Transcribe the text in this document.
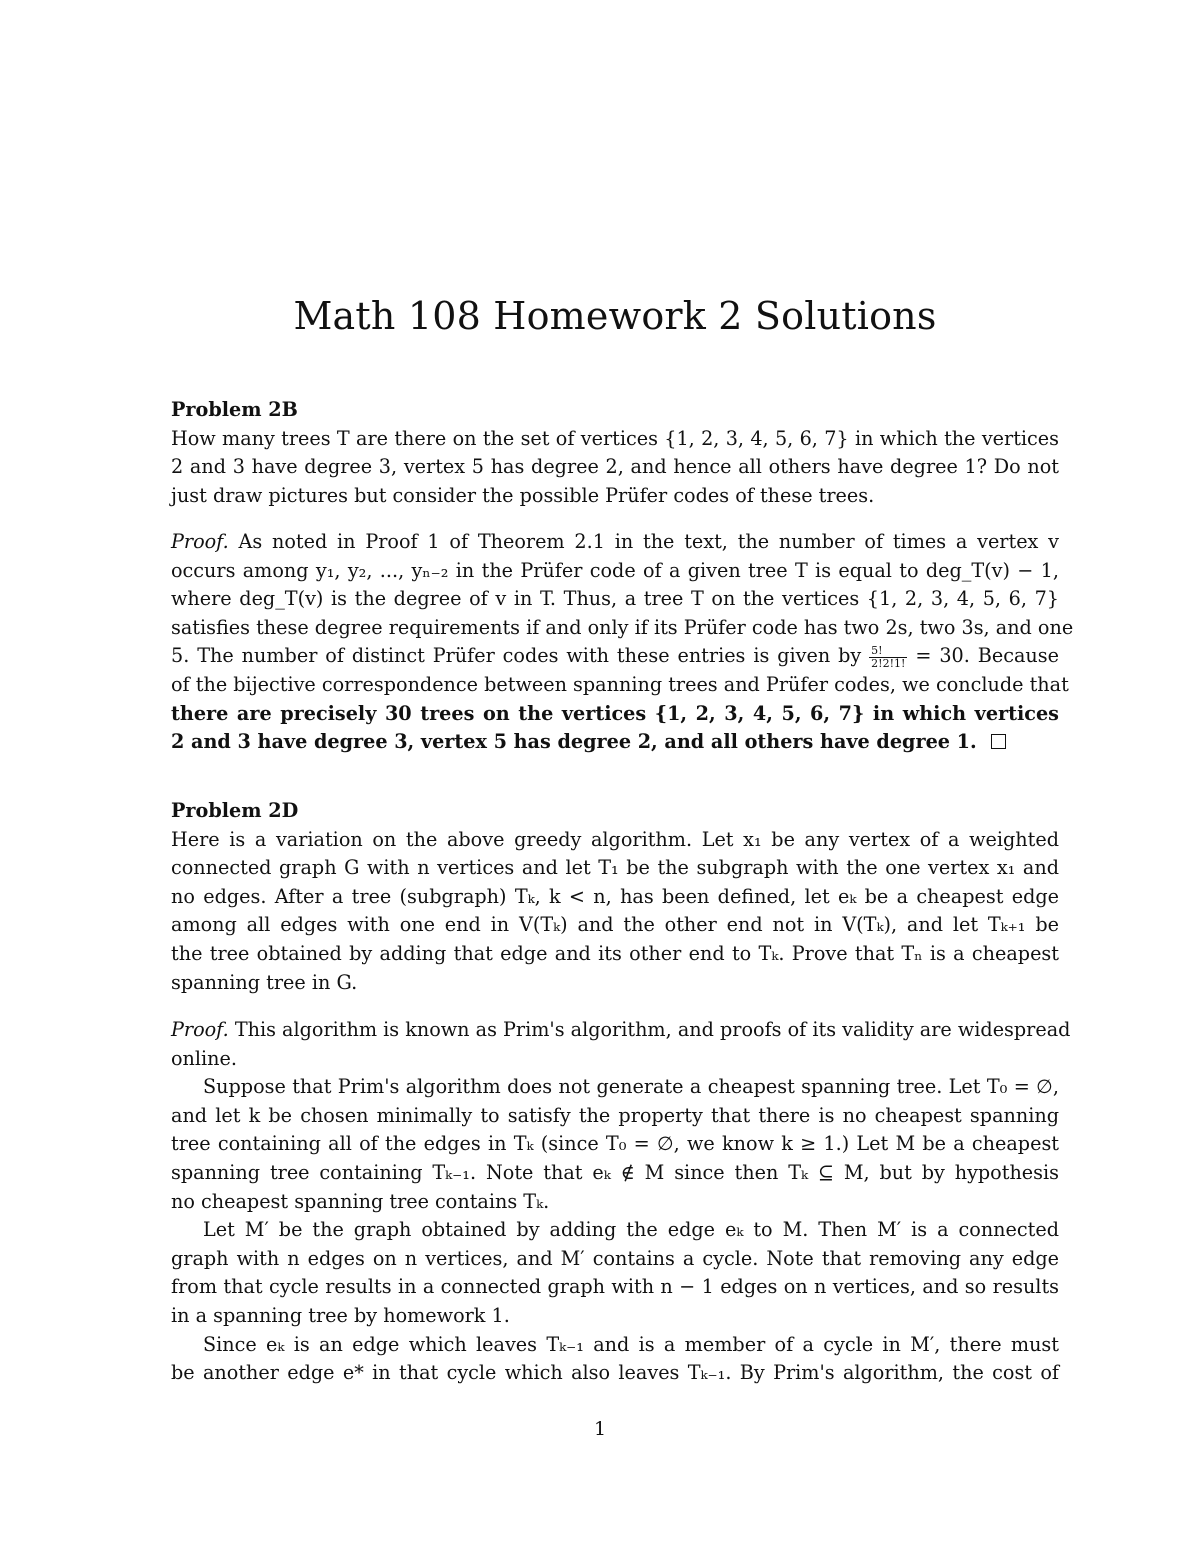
Math 108 Homework 2 Solutions
Problem 2B
How many trees T are there on the set of vertices {1, 2, 3, 4, 5, 6, 7} in which the vertices
2 and 3 have degree 3, vertex 5 has degree 2, and hence all others have degree 1? Do not
just draw pictures but consider the possible Prüfer codes of these trees.
Proof. As noted in Proof 1 of Theorem 2.1 in the text, the number of times a vertex v
occurs among y₁, y₂, ..., yₙ₋₂ in the Prüfer code of a given tree T is equal to deg_T(v) − 1,
where deg_T(v) is the degree of v in T. Thus, a tree T on the vertices {1, 2, 3, 4, 5, 6, 7}
satisfies these degree requirements if and only if its Prüfer code has two 2s, two 3s, and one
5. The number of distinct Prüfer codes with these entries is given by $\frac{5!}{2!2!1!} = 30$. Because
of the bijective correspondence between spanning trees and Prüfer codes, we conclude that
there are precisely 30 trees on the vertices {1, 2, 3, 4, 5, 6, 7} in which vertices
2 and 3 have degree 3, vertex 5 has degree 2, and all others have degree 1.
Problem 2D
Here is a variation on the above greedy algorithm. Let x₁ be any vertex of a weighted
connected graph G with n vertices and let T₁ be the subgraph with the one vertex x₁ and
no edges. After a tree (subgraph) Tₖ, k < n, has been defined, let eₖ be a cheapest edge
among all edges with one end in V(Tₖ) and the other end not in V(Tₖ), and let Tₖ₊₁ be
the tree obtained by adding that edge and its other end to Tₖ. Prove that Tₙ is a cheapest
spanning tree in G.
Proof. This algorithm is known as Prim's algorithm, and proofs of its validity are widespread
online.
Suppose that Prim's algorithm does not generate a cheapest spanning tree. Let T₀ = ∅,
and let k be chosen minimally to satisfy the property that there is no cheapest spanning
tree containing all of the edges in Tₖ (since T₀ = ∅, we know k ≥ 1.) Let M be a cheapest
spanning tree containing Tₖ₋₁. Note that eₖ ∉ M since then Tₖ ⊆ M, but by hypothesis
no cheapest spanning tree contains Tₖ.
Let M′ be the graph obtained by adding the edge eₖ to M. Then M′ is a connected
graph with n edges on n vertices, and M′ contains a cycle. Note that removing any edge
from that cycle results in a connected graph with n − 1 edges on n vertices, and so results
in a spanning tree by homework 1.
Since eₖ is an edge which leaves Tₖ₋₁ and is a member of a cycle in M′, there must
be another edge e* in that cycle which also leaves Tₖ₋₁. By Prim's algorithm, the cost of
1
